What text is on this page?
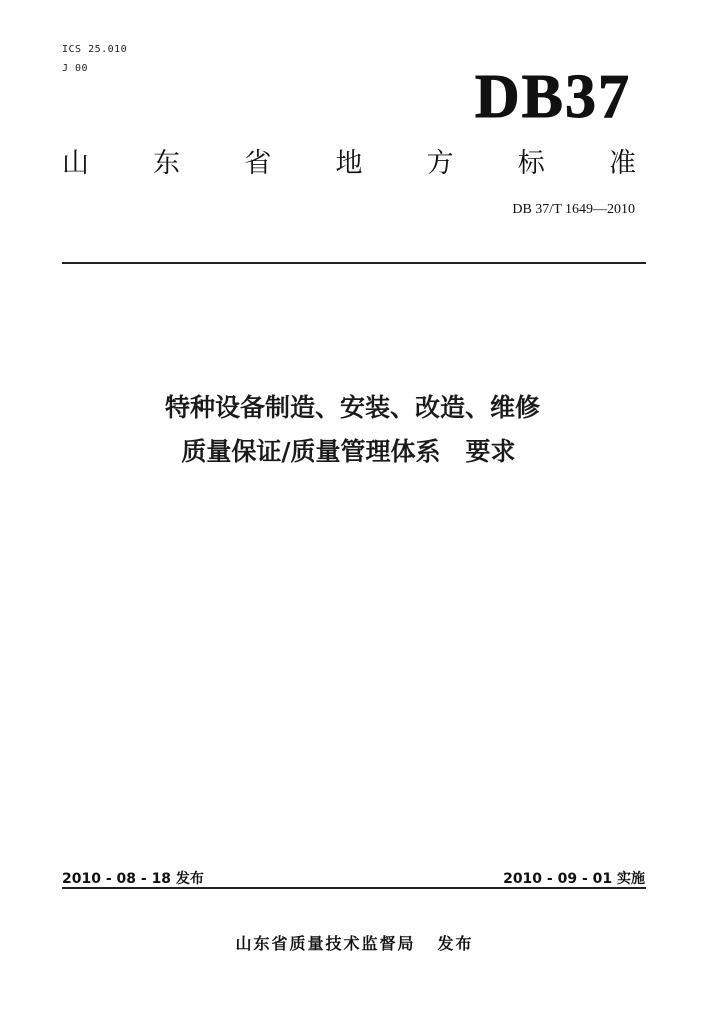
ICS 25.010
J 00	DB37
山 东 省 地 方 标 准
DB 37/T 1649—2010
特种设备制造、安装、改造、维修
质量保证/质量管理体系　要求
2010 - 08 - 18 发布	2010 - 09 - 01 实施
山东省质量技术监督局 发布
